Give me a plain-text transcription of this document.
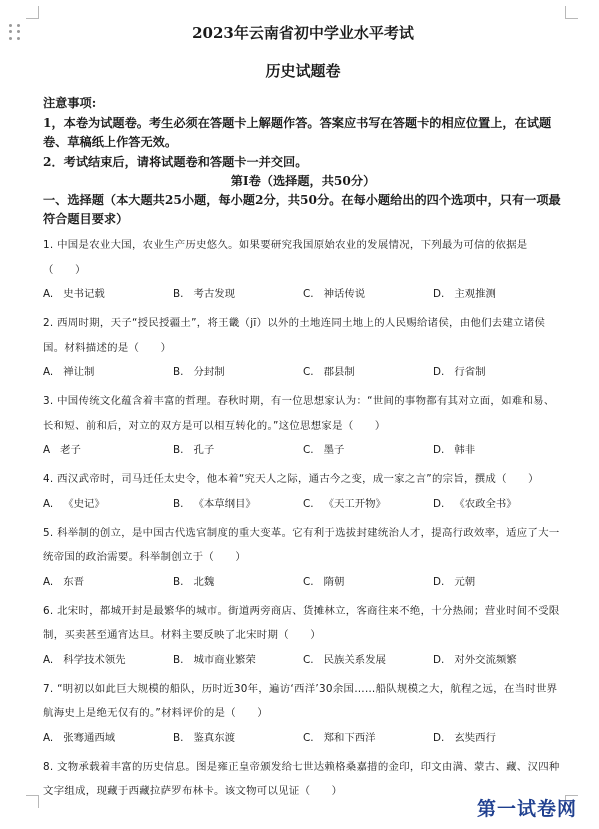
2023年云南省初中学业水平考试
历史试题卷

注意事项:

1，本卷为试题卷。考生必须在答题卡上解题作答。答案应书写在答题卡的相应位置上，在试题卷、草稿纸上作答无效。

2．考试结束后，请将试题卷和答题卡一并交回。

第Ⅰ卷（选择题，共50分）

一、选择题（本大题共25小题，每小题2分，共50分。在每小题给出的四个选项中，只有一项最符合题目要求）

1. 中国是农业大国，农业生产历史悠久。如果要研究我国原始农业的发展情况，下列最为可信的依据是（　　）

A. 史书记载	B. 考古发现	C. 神话传说	D. 主观推测

2. 西周时期，天子“授民授疆土”，将王畿（jī）以外的土地连同土地上的人民赐给诸侯，由他们去建立诸侯国。材料描述的是（　　）

A. 禅让制	B. 分封制	C. 郡县制	D. 行省制

3. 中国传统文化蕴含着丰富的哲理。春秋时期，有一位思想家认为：“世间的事物都有其对立面，如难和易、长和短、前和后，对立的双方是可以相互转化的。”这位思想家是（　　）

A 老子	B. 孔子	C. 墨子	D. 韩非

4. 西汉武帝时，司马迁任太史令，他本着“究天人之际，通古今之变，成一家之言”的宗旨，撰成（　　）

A. 《史记》	B. 《本草纲目》	C. 《天工开物》	D. 《农政全书》

5. 科举制的创立，是中国古代选官制度的重大变革。它有利于选拔封建统治人才，提高行政效率，适应了大一统帝国的政治需要。科举制创立于（　　）

A. 东晋	B. 北魏	C. 隋朝	D. 元朝

6. 北宋时，都城开封是最繁华的城市。街道两旁商店、货摊林立，客商往来不绝，十分热闹；营业时间不受限制，买卖甚至通宵达旦。材料主要反映了北宋时期（　　）

A. 科学技术领先	B. 城市商业繁荣	C. 民族关系发展	D. 对外交流频繁

7. “明初以如此巨大规模的船队，历时近30年，遍访‘西洋’30余国……船队规模之大，航程之远，在当时世界航海史上是绝无仅有的。”材料评价的是（　　）

A. 张骞通西域	B. 鉴真东渡	C. 郑和下西洋	D. 玄奘西行

8. 文物承载着丰富的历史信息。图是雍正皇帝颁发给七世达赖格桑嘉措的金印，印文由满、蒙古、藏、汉四种文字组成，现藏于西藏拉萨罗布林卡。该文物可以见证（　　）

第一试卷网
